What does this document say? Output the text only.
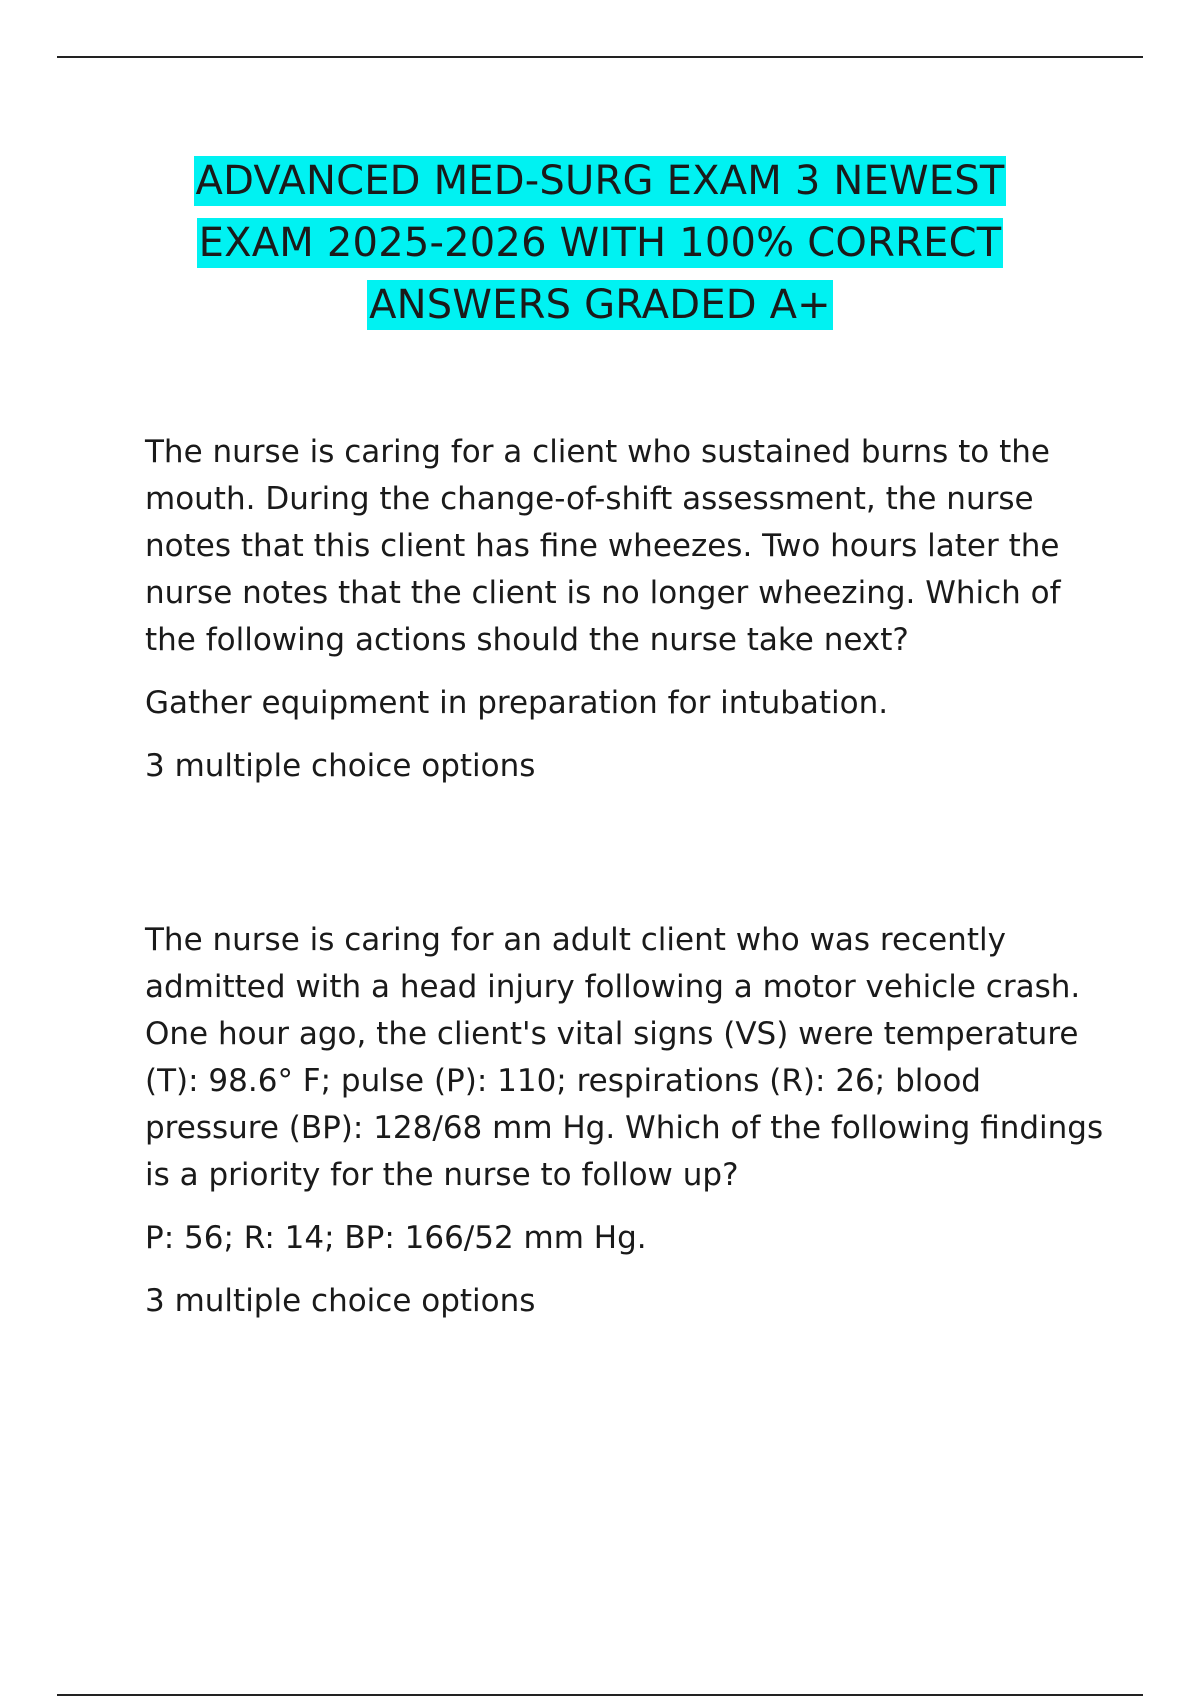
ADVANCED MED-SURG EXAM 3 NEWEST
EXAM 2025-2026 WITH 100% CORRECT
ANSWERS GRADED A+

The nurse is caring for a client who sustained burns to the mouth. During the change-of-shift assessment, the nurse notes that this client has fine wheezes. Two hours later the nurse notes that the client is no longer wheezing. Which of the following actions should the nurse take next?

Gather equipment in preparation for intubation.

3 multiple choice options

The nurse is caring for an adult client who was recently admitted with a head injury following a motor vehicle crash. One hour ago, the client's vital signs (VS) were temperature (T): 98.6° F; pulse (P): 110; respirations (R): 26; blood pressure (BP): 128/68 mm Hg. Which of the following findings is a priority for the nurse to follow up?

P: 56; R: 14; BP: 166/52 mm Hg.

3 multiple choice options
